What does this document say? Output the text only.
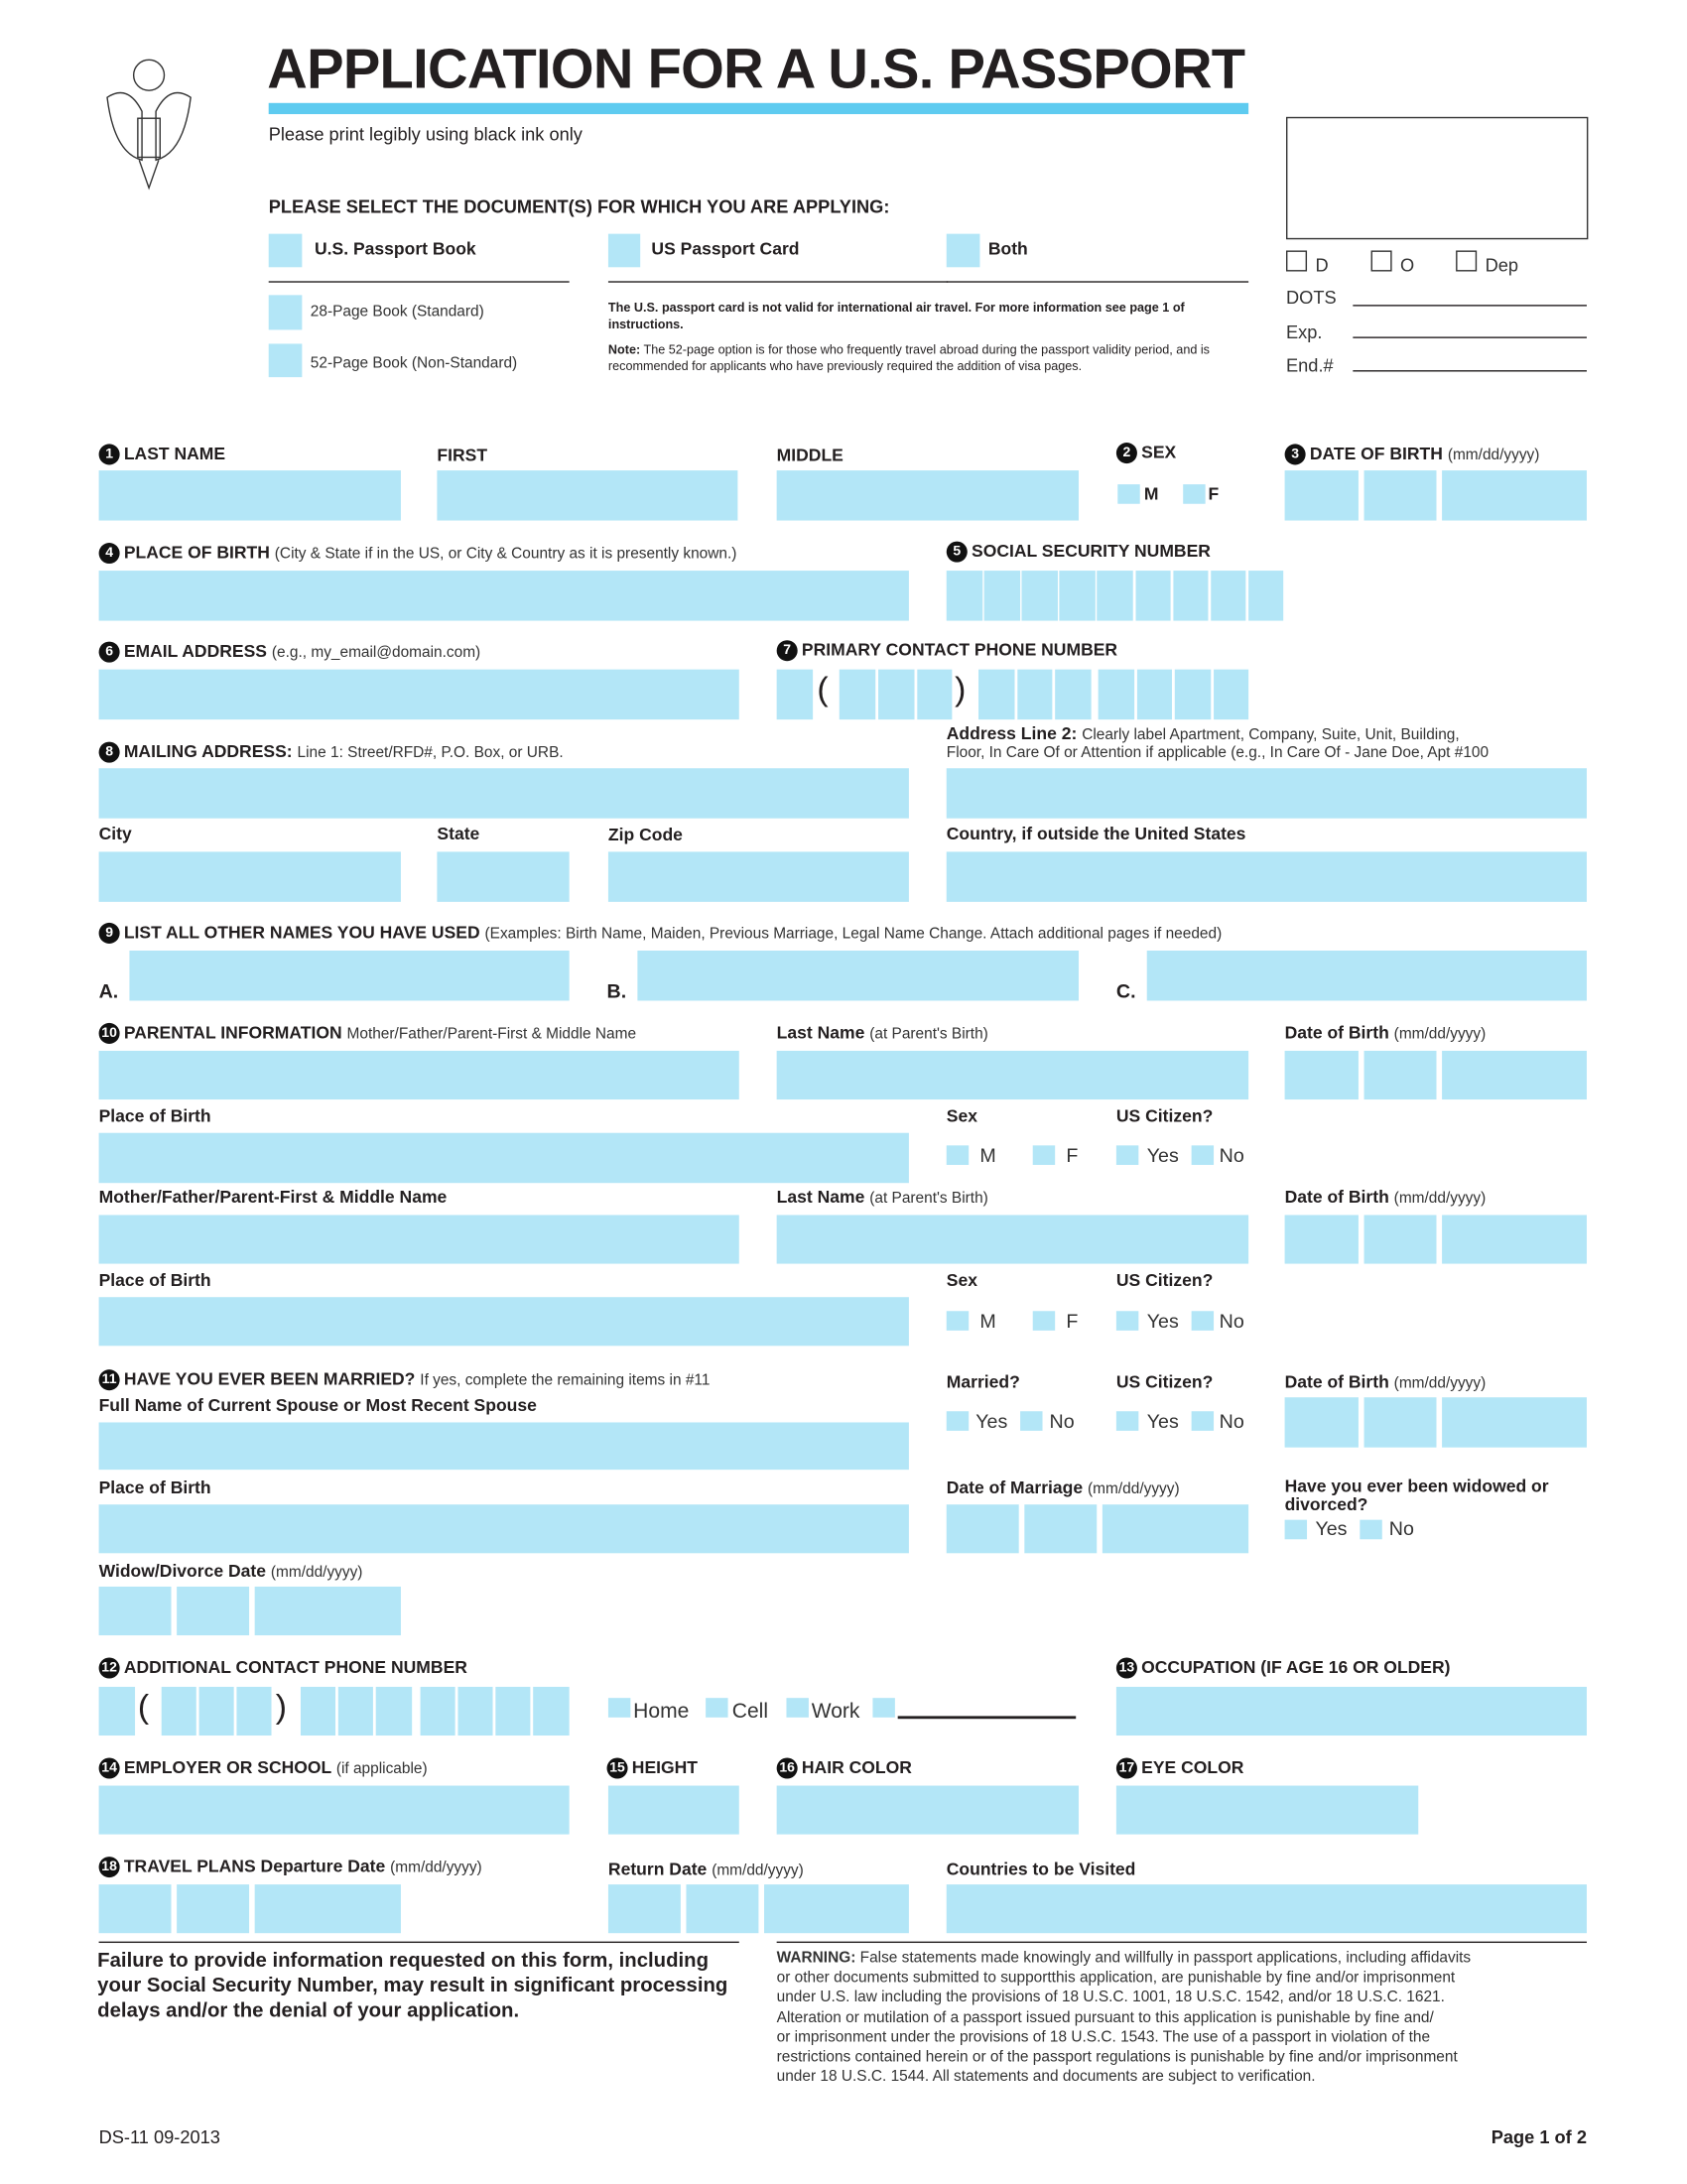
APPLICATION FOR A U.S. PASSPORT
Please print legibly using black ink only
D	O	Dep
DOTS
Exp.
End.#
PLEASE SELECT THE DOCUMENT(S) FOR WHICH YOU ARE APPLYING:
U.S. Passport Book	US Passport Card	Both
28-Page Book (Standard)
52-Page Book (Non-Standard)
The U.S. passport card is not valid for international air travel. For more information see page 1 of instructions.
Note: The 52-page option is for those who frequently travel abroad during the passport validity period, and is recommended for applicants who have previously required the addition of visa pages.
1 LAST NAME	FIRST	MIDDLE	2 SEX
M	F
3 DATE OF BIRTH (mm/dd/yyyy)
4 PLACE OF BIRTH (City & State if in the US, or City & Country as it is presently known.)	5 SOCIAL SECURITY NUMBER
6 EMAIL ADDRESS (e.g., my_email@domain.com)	7 PRIMARY CONTACT PHONE NUMBER
(	)
8 MAILING ADDRESS: Line 1: Street/RFD#, P.O. Box, or URB.
Address Line 2: Clearly label Apartment, Company, Suite, Unit, Building,
Floor, In Care Of or Attention if applicable (e.g., In Care Of - Jane Doe, Apt #100
City	State	Zip Code	Country, if outside the United States
9 LIST ALL OTHER NAMES YOU HAVE USED (Examples: Birth Name, Maiden, Previous Marriage, Legal Name Change. Attach additional pages if needed)
A.	B.	C.
10 PARENTAL INFORMATION Mother/Father/Parent-First & Middle Name	Last Name (at Parent's Birth)	Date of Birth (mm/dd/yyyy)
Place of Birth	Sex	US Citizen?
M	F	Yes	No
Mother/Father/Parent-First & Middle Name	Last Name (at Parent's Birth)	Date of Birth (mm/dd/yyyy)
Place of Birth	Sex	US Citizen?
M	F	Yes	No
11 HAVE YOU EVER BEEN MARRIED? If yes, complete the remaining items in #11
Full Name of Current Spouse or Most Recent Spouse
Married?	US Citizen?	Date of Birth (mm/dd/yyyy)
Yes	No	Yes	No
Place of Birth	Date of Marriage (mm/dd/yyyy)	Have you ever been widowed or divorced?
Yes	No
Widow/Divorce Date (mm/dd/yyyy)
12 ADDITIONAL CONTACT PHONE NUMBER
(	)	Home	Cell	Work
13 OCCUPATION (IF AGE 16 OR OLDER)
14 EMPLOYER OR SCHOOL (if applicable)	15 HEIGHT	16 HAIR COLOR	17 EYE COLOR
18 TRAVEL PLANS Departure Date (mm/dd/yyyy)	Return Date (mm/dd/yyyy)	Countries to be Visited
Failure to provide information requested on this form, including
your Social Security Number, may result in significant processing
delays and/or the denial of your application.
WARNING: False statements made knowingly and willfully in passport applications, including affidavits
or other documents submitted to supportthis application, are punishable by fine and/or imprisonment
under U.S. law including the provisions of 18 U.S.C. 1001, 18 U.S.C. 1542, and/or 18 U.S.C. 1621.
Alteration or mutilation of a passport issued pursuant to this application is punishable by fine and/
or imprisonment under the provisions of 18 U.S.C. 1543. The use of a passport in violation of the
restrictions contained herein or of the passport regulations is punishable by fine and/or imprisonment
under 18 U.S.C. 1544. All statements and documents are subject to verification.
DS-11 09-2013	Page 1 of 2
